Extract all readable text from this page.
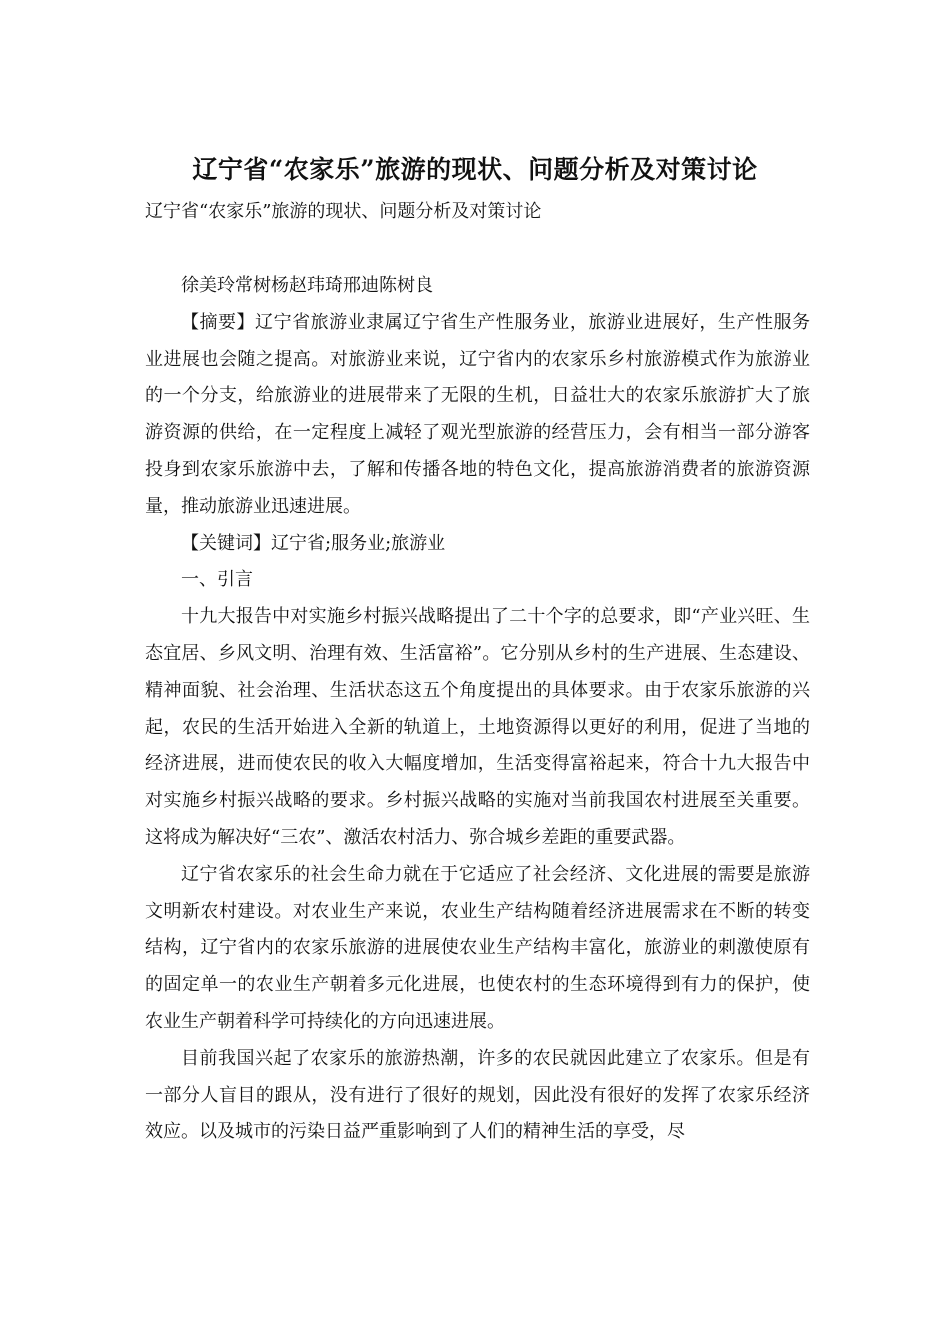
辽宁省“农家乐”旅游的现状、问题分析及对策讨论
辽宁省“农家乐”旅游的现状、问题分析及对策讨论

徐美玲常树杨赵玮琦邢迪陈树良

【摘要】辽宁省旅游业隶属辽宁省生产性服务业，旅游业进展好，生产性服务业进展也会随之提高。对旅游业来说，辽宁省内的农家乐乡村旅游模式作为旅游业的一个分支，给旅游业的进展带来了无限的生机，日益壮大的农家乐旅游扩大了旅游资源的供给，在一定程度上减轻了观光型旅游的经营压力，会有相当一部分游客投身到农家乐旅游中去，了解和传播各地的特色文化，提高旅游消费者的旅游资源量，推动旅游业迅速进展。

【关键词】辽宁省;服务业;旅游业

一、引言

十九大报告中对实施乡村振兴战略提出了二十个字的总要求，即“产业兴旺、生态宜居、乡风文明、治理有效、生活富裕”。它分别从乡村的生产进展、生态建设、精神面貌、社会治理、生活状态这五个角度提出的具体要求。由于农家乐旅游的兴起，农民的生活开始进入全新的轨道上，土地资源得以更好的利用，促进了当地的经济进展，进而使农民的收入大幅度增加，生活变得富裕起来，符合十九大报告中对实施乡村振兴战略的要求。乡村振兴战略的实施对当前我国农村进展至关重要。这将成为解决好“三农”、激活农村活力、弥合城乡差距的重要武器。

辽宁省农家乐的社会生命力就在于它适应了社会经济、文化进展的需要是旅游文明新农村建设。对农业生产来说，农业生产结构随着经济进展需求在不断的转变结构，辽宁省内的农家乐旅游的进展使农业生产结构丰富化，旅游业的刺激使原有的固定单一的农业生产朝着多元化进展，也使农村的生态环境得到有力的保护，使农业生产朝着科学可持续化的方向迅速进展。

目前我国兴起了农家乐的旅游热潮，许多的农民就因此建立了农家乐。但是有一部分人盲目的跟从，没有进行了很好的规划，因此没有很好的发挥了农家乐经济效应。以及城市的污染日益严重影响到了人们的精神生活的享受，尽
